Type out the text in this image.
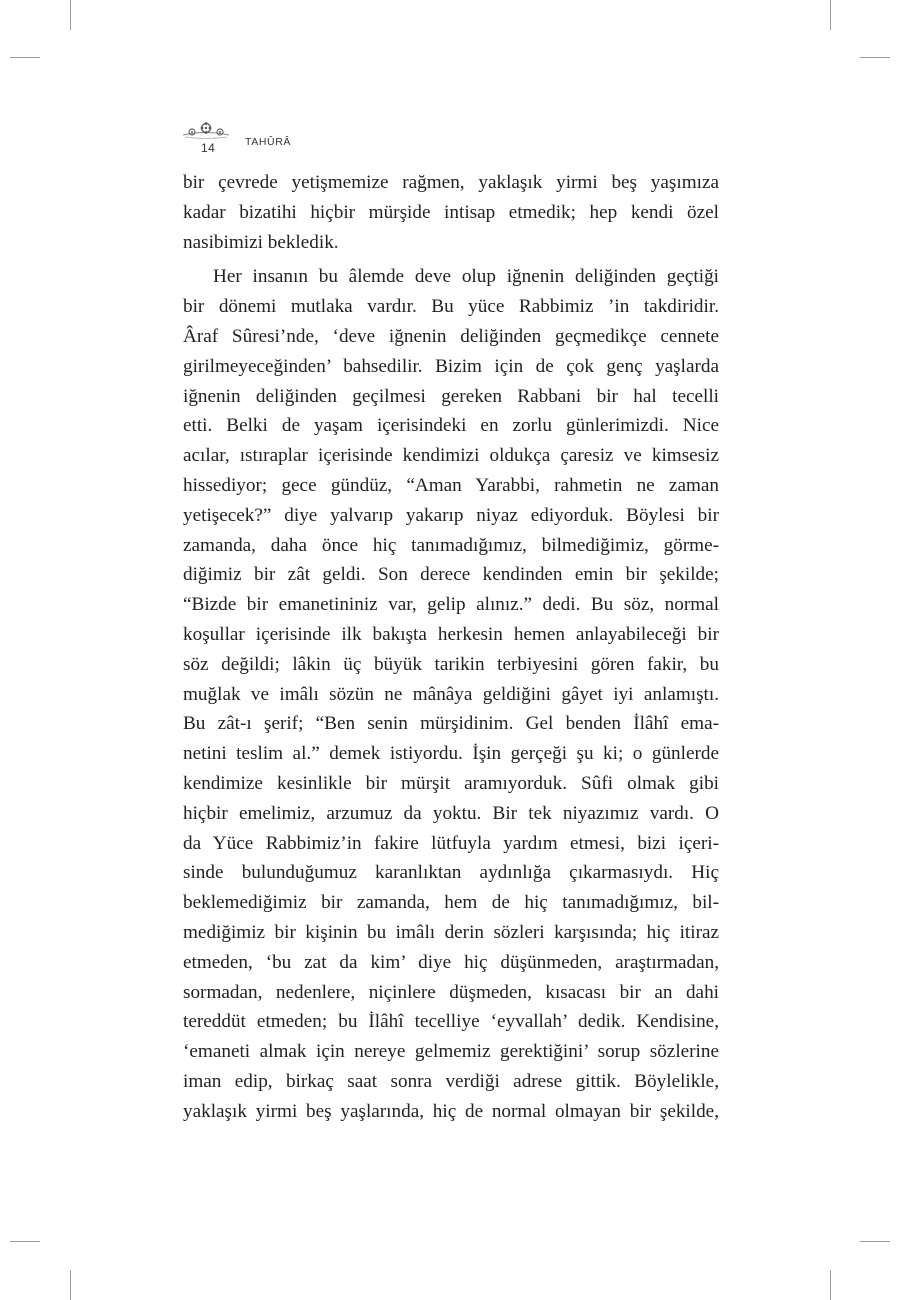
14	TAHÛRÂ
bir çevrede yetişmemize rağmen, yaklaşık yirmi beş yaşımıza
kadar bizatihi hiçbir mürşide intisap etmedik; hep kendi özel
nasibimizi bekledik.
Her insanın bu âlemde deve olup iğnenin deliğinden geçtiği
bir dönemi mutlaka vardır. Bu yüce Rabbimiz ’in takdiridir.
Âraf Sûresi’nde, ‘deve iğnenin deliğinden geçmedikçe cennete
girilmeyeceğinden’ bahsedilir. Bizim için de çok genç yaşlarda
iğnenin deliğinden geçilmesi gereken Rabbani bir hal tecelli
etti. Belki de yaşam içerisindeki en zorlu günlerimizdi. Nice
acılar, ıstıraplar içerisinde kendimizi oldukça çaresiz ve kimsesiz
hissediyor; gece gündüz, “Aman Yarabbi, rahmetin ne zaman
yetişecek?” diye yalvarıp yakarıp niyaz ediyorduk. Böylesi bir
zamanda, daha önce hiç tanımadığımız, bilmediğimiz, görme-
diğimiz bir zât geldi. Son derece kendinden emin bir şekilde;
“Bizde bir emanetininiz var, gelip alınız.” dedi. Bu söz, normal
koşullar içerisinde ilk bakışta herkesin hemen anlayabileceği bir
söz değildi; lâkin üç büyük tarikin terbiyesini gören fakir, bu
muğlak ve imâlı sözün ne mânâya geldiğini gâyet iyi anlamıştı.
Bu zât-ı şerif; “Ben senin mürşidinim. Gel benden İlâhî ema-
netini teslim al.” demek istiyordu. İşin gerçeği şu ki; o günlerde
kendimize kesinlikle bir mürşit aramıyorduk. Sûfi olmak gibi
hiçbir emelimiz, arzumuz da yoktu. Bir tek niyazımız vardı. O
da Yüce Rabbimiz’in fakire lütfuyla yardım etmesi, bizi içeri-
sinde bulunduğumuz karanlıktan aydınlığa çıkarmasıydı. Hiç
beklemediğimiz bir zamanda, hem de hiç tanımadığımız, bil-
mediğimiz bir kişinin bu imâlı derin sözleri karşısında; hiç itiraz
etmeden, ‘bu zat da kim’ diye hiç düşünmeden, araştırmadan,
sormadan, nedenlere, niçinlere düşmeden, kısacası bir an dahi
tereddüt etmeden; bu İlâhî tecelliye ‘eyvallah’ dedik. Kendisine,
‘emaneti almak için nereye gelmemiz gerektiğini’ sorup sözlerine
iman edip, birkaç saat sonra verdiği adrese gittik. Böylelikle,
yaklaşık yirmi beş yaşlarında, hiç de normal olmayan bir şekilde,
